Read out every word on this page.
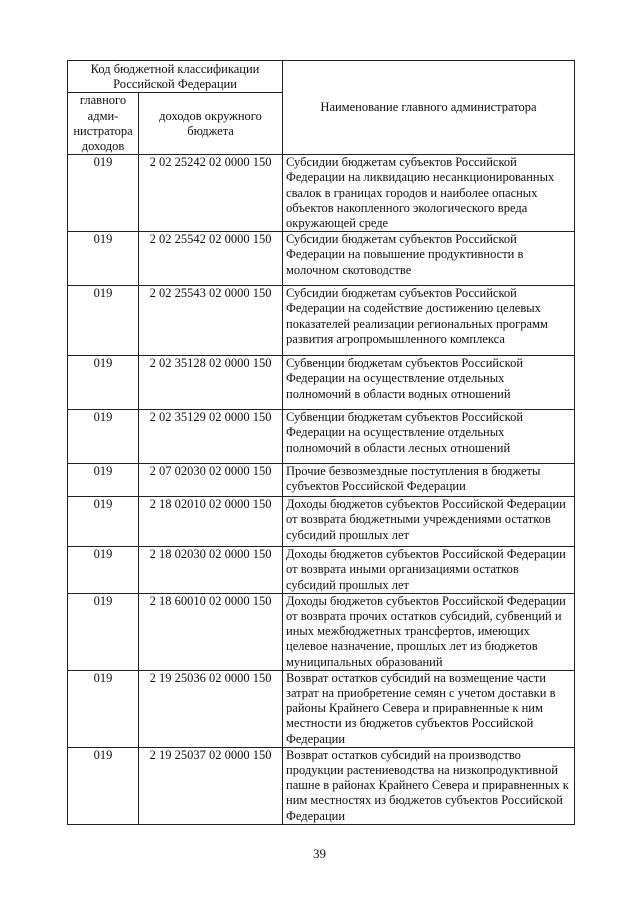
Код бюджетной классификации Российской Федерации		Наименование главного администратора
главного адми-нистратора доходов	доходов окружного бюджета	
019	2 02 25242 02 0000 150	Субсидии бюджетам субъектов Российской Федерации на ликвидацию несанкционированных свалок в границах городов и наиболее опасных объектов накопленного экологического вреда окружающей среде
019	2 02 25542 02 0000 150	Субсидии бюджетам субъектов Российской Федерации на повышение продуктивности в молочном скотоводстве
019	2 02 25543 02 0000 150	Субсидии бюджетам субъектов Российской Федерации на содействие достижению целевых показателей реализации региональных программ развития агропромышленного комплекса
019	2 02 35128 02 0000 150	Субвенции бюджетам субъектов Российской Федерации на осуществление отдельных полномочий в области водных отношений
019	2 02 35129 02 0000 150	Субвенции бюджетам субъектов Российской Федерации на осуществление отдельных полномочий в области лесных отношений
019	2 07 02030 02 0000 150	Прочие безвозмездные поступления в бюджеты субъектов Российской Федерации
019	2 18 02010 02 0000 150	Доходы бюджетов субъектов Российской Федерации от возврата бюджетными учреждениями остатков субсидий прошлых лет
019	2 18 02030 02 0000 150	Доходы бюджетов субъектов Российской Федерации от возврата иными организациями остатков субсидий прошлых лет
019	2 18 60010 02 0000 150	Доходы бюджетов субъектов Российской Федерации от возврата прочих остатков субсидий, субвенций и иных межбюджетных трансфертов, имеющих целевое назначение, прошлых лет из бюджетов муниципальных образований
019	2 19 25036 02 0000 150	Возврат остатков субсидий на возмещение части затрат на приобретение семян с учетом доставки в районы Крайнего Севера и приравненные к ним местности из бюджетов субъектов Российской Федерации
019	2 19 25037 02 0000 150	Возврат остатков субсидий на производство продукции растениеводства на низкопродуктивной пашне в районах Крайнего Севера и приравненных к ним местностях из бюджетов субъектов Российской Федерации
39
